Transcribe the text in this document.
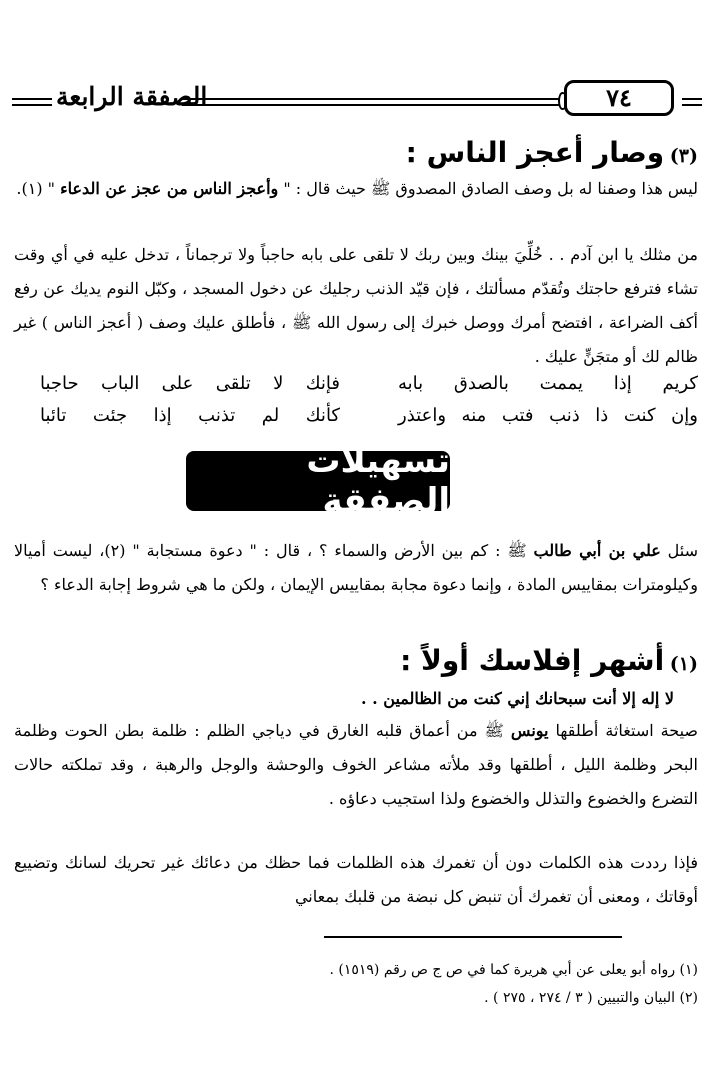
الصفقة الرابعة	٧٤
(٣) وصار أعجز الناس :
ليس هذا وصفنا له بل وصف الصادق المصدوق ﷺ حيث قال : " وأعجز الناس من عجز عن الدعاء " (١).
من مثلك يا ابن آدم . . خُلِّيَ بينك وبين ربك لا تلقى على بابه حاجباً ولا ترجماناً ، تدخل عليه في أي وقت تشاء فترفع حاجتك وتُقدّم مسألتك ، فإن قيّد الذنب رجليك عن دخول المسجد ، وكبّل النوم يديك عن رفع أكف الضراعة ، افتضح أمرك ووصل خبرك إلى رسول الله ﷺ ، فأطلق عليك وصف ( أعجز الناس ) غير ظالم لك أو متجَنٍّ عليك .
كريم إذا يممت بالصدق بابه
فإنك لا تلقى على الباب حاجبا
وإن كنت ذا ذنب فتب منه واعتذر
كأنك لم تذنب إذا جئت تائبا
تسهيلات الصفقة
سئل علي بن أبي طالب ﷺ : كم بين الأرض والسماء ؟ ، قال : " دعوة مستجابة " (٢)، ليست أميالا وكيلومترات بمقاييس المادة ، وإنما دعوة مجابة بمقاييس الإيمان ، ولكن ما هي شروط إجابة الدعاء ؟
(١) أشهر إفلاسك أولاً :
لا إله إلا أنت سبحانك إني كنت من الظالمين . .
صيحة استغاثة أطلقها يونس ﷺ من أعماق قلبه الغارق في دياجي الظلم : ظلمة بطن الحوت وظلمة البحر وظلمة الليل ، أطلقها وقد ملأته مشاعر الخوف والوحشة والوجل والرهبة ، وقد تملكته حالات التضرع والخضوع والتذلل والخضوع ولذا استجيب دعاؤه .
فإذا رددت هذه الكلمات دون أن تغمرك هذه الظلمات فما حظك من دعائك غير تحريك لسانك وتضييع أوقاتك ، ومعنى أن تغمرك أن تنبض كل نبضة من قلبك بمعاني
(١) رواه أبو يعلى عن أبي هريرة كما في ص ج ص رقم (١٥١٩) .
(٢) البيان والتبيين ( ٣ / ٢٧٤ ، ٢٧٥ ) .
